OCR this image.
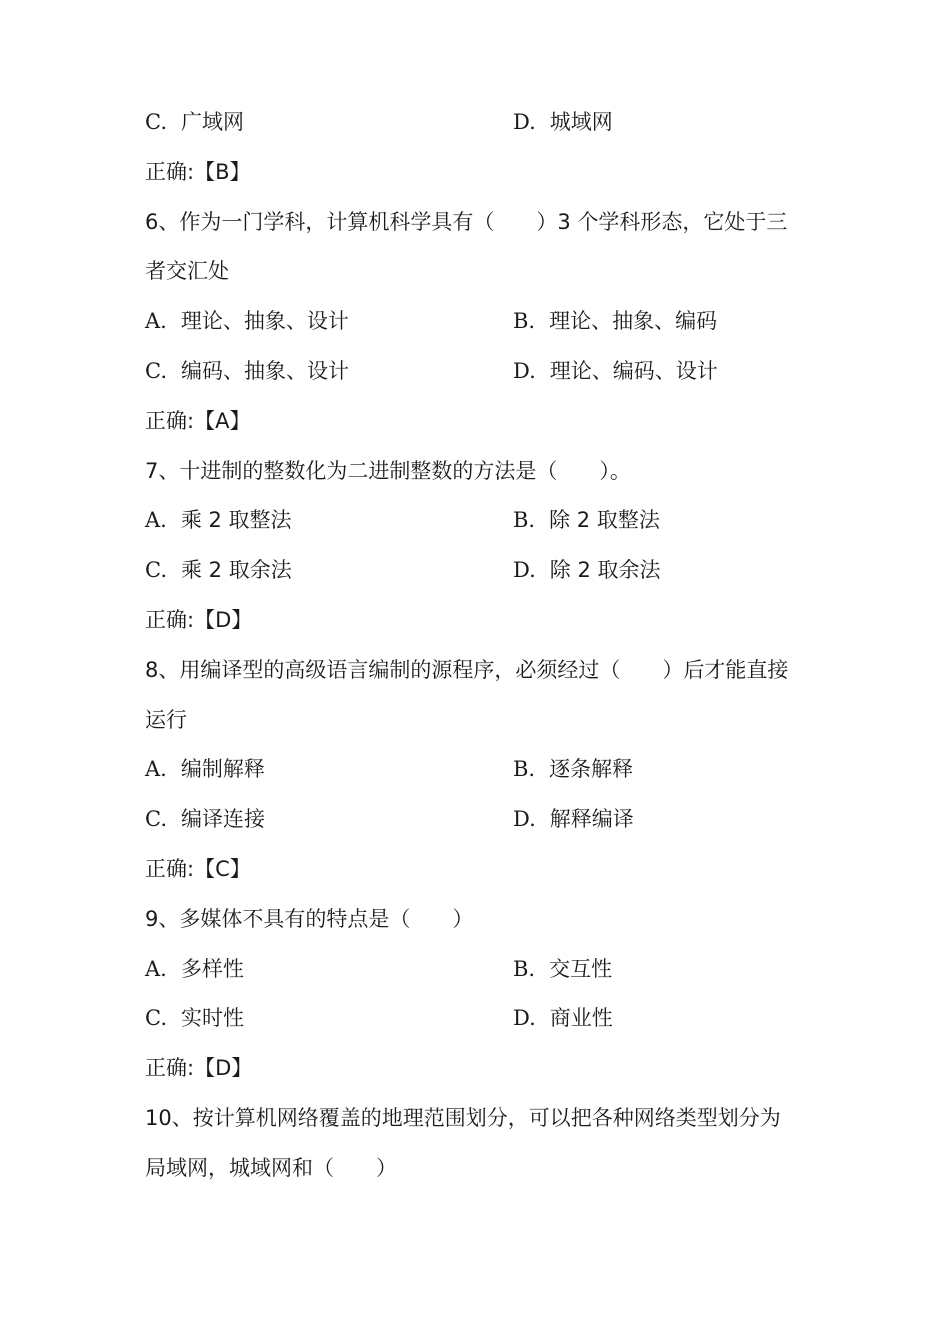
C. 广域网	D. 城域网
正确:【B】
6、作为一门学科，计算机科学具有（　　）3 个学科形态，它处于三
者交汇处
A. 理论、抽象、设计	B. 理论、抽象、编码
C. 编码、抽象、设计	D. 理论、编码、设计
正确:【A】
7、十进制的整数化为二进制整数的方法是（　　）。
A. 乘 2 取整法	B. 除 2 取整法
C. 乘 2 取余法	D. 除 2 取余法
正确:【D】
8、用编译型的高级语言编制的源程序，必须经过（　　）后才能直接
运行
A. 编制解释	B. 逐条解释
C. 编译连接	D. 解释编译
正确:【C】
9、多媒体不具有的特点是（　　）
A. 多样性	B. 交互性
C. 实时性	D. 商业性
正确:【D】
10、按计算机网络覆盖的地理范围划分，可以把各种网络类型划分为
局域网，城域网和（　　）
